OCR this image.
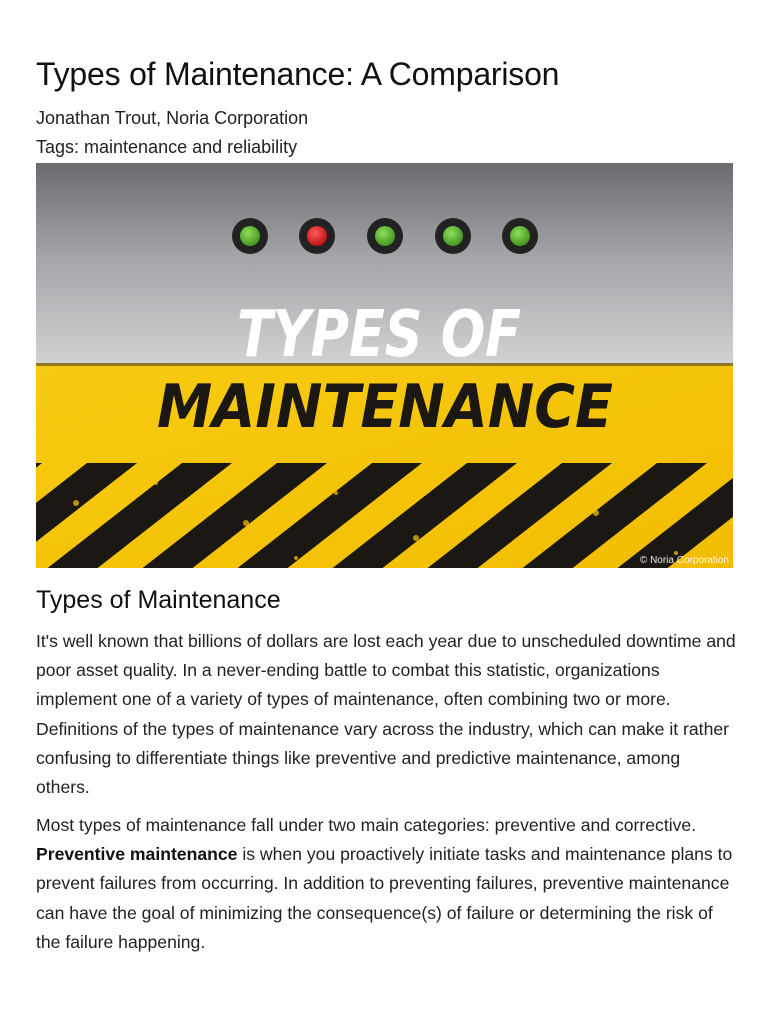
Types of Maintenance: A Comparison
Jonathan Trout, Noria Corporation
Tags: maintenance and reliability
TYPES OF
MAINTENANCE
© Noria Corporation
Types of Maintenance

It's well known that billions of dollars are lost each year due to unscheduled downtime and poor asset quality. In a never-ending battle to combat this statistic, organizations implement one of a variety of types of maintenance, often combining two or more. Definitions of the types of maintenance vary across the industry, which can make it rather confusing to differentiate things like preventive and predictive maintenance, among others.

Most types of maintenance fall under two main categories: preventive and corrective. Preventive maintenance is when you proactively initiate tasks and maintenance plans to prevent failures from occurring. In addition to preventing failures, preventive maintenance can have the goal of minimizing the consequence(s) of failure or determining the risk of the failure happening.
